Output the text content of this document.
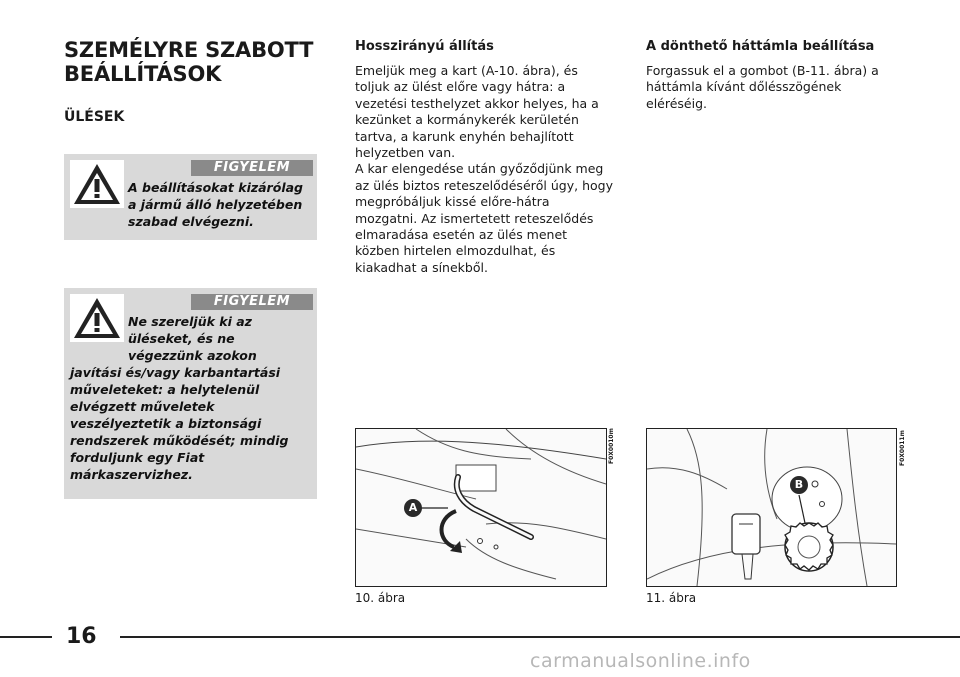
SZEMÉLYRE SZABOTT
BEÁLLÍTÁSOK
ÜLÉSEK
FIGYELEM
A beállításokat kizárólag a jármű álló helyzetében szabad elvégezni.
FIGYELEM
Ne szereljük ki az üléseket, és ne végezzünk azokon javítási és/vagy karbantartási műveleteket: a helytelenül elvégzett műveletek veszélyeztetik a biztonsági rendszerek működését; mindig forduljunk egy Fiat márkaszervizhez.
Hosszirányú állítás
Emeljük meg a kart (A-10. ábra), és toljuk az ülést előre vagy hátra: a vezetési testhelyzet akkor helyes, ha a kezünket a kormánykerék kerületén tartva, a karunk enyhén behajlított helyzetben van.
A kar elengedése után győződjünk meg az ülés biztos reteszelődéséről úgy, hogy megpróbáljuk kissé előre-hátra mozgatni. Az ismertetett reteszelődés elmaradása esetén az ülés menet közben hirtelen elmozdulhat, és kiakadhat a sínekből.
A
F0X0010m
10. ábra
A dönthető háttámla beállítása
Forgassuk el a gombot (B-11. ábra) a háttámla kívánt dőlésszögének eléréséig.
B
F0X0011m
11. ábra
16
carmanualsonline.info
